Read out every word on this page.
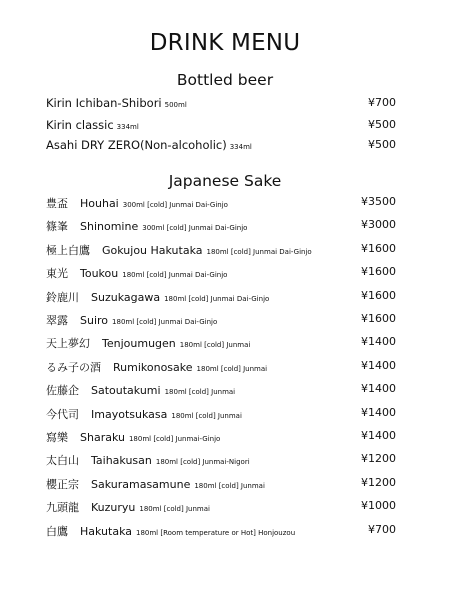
DRINK MENU
Bottled beer
Kirin Ichiban-Shibori 500ml	¥700
Kirin classic 334ml	¥500
Asahi DRY ZERO(Non-alcoholic) 334ml	¥500
Japanese Sake
豊盃 Houhai 300ml [cold] Junmai Dai-Ginjo	¥3500
篠峯 Shinomine 300ml [cold] Junmai Dai-Ginjo	¥3000
極上白鷹 Gokujou Hakutaka 180ml [cold] Junmai Dai-Ginjo	¥1600
東光 Toukou 180ml [cold] Junmai Dai-Ginjo	¥1600
鈴鹿川 Suzukagawa 180ml [cold] Junmai Dai-Ginjo	¥1600
翠露 Suiro 180ml [cold] Junmai Dai-Ginjo	¥1600
天上夢幻 Tenjoumugen 180ml [cold] Junmai	¥1400
るみ子の酒 Rumikonosake 180ml [cold] Junmai	¥1400
佐藤企 Satoutakumi 180ml [cold] Junmai	¥1400
今代司 Imayotsukasa 180ml [cold] Junmai	¥1400
寫樂 Sharaku 180ml [cold] Junmai-Ginjo	¥1400
太白山 Taihakusan 180ml [cold] Junmai-Nigori	¥1200
櫻正宗 Sakuramasamune 180ml [cold] Junmai	¥1200
九頭龍 Kuzuryu 180ml [cold] Junmai	¥1000
白鷹 Hakutaka 180ml [Room temperature or Hot] Honjouzou	¥700
